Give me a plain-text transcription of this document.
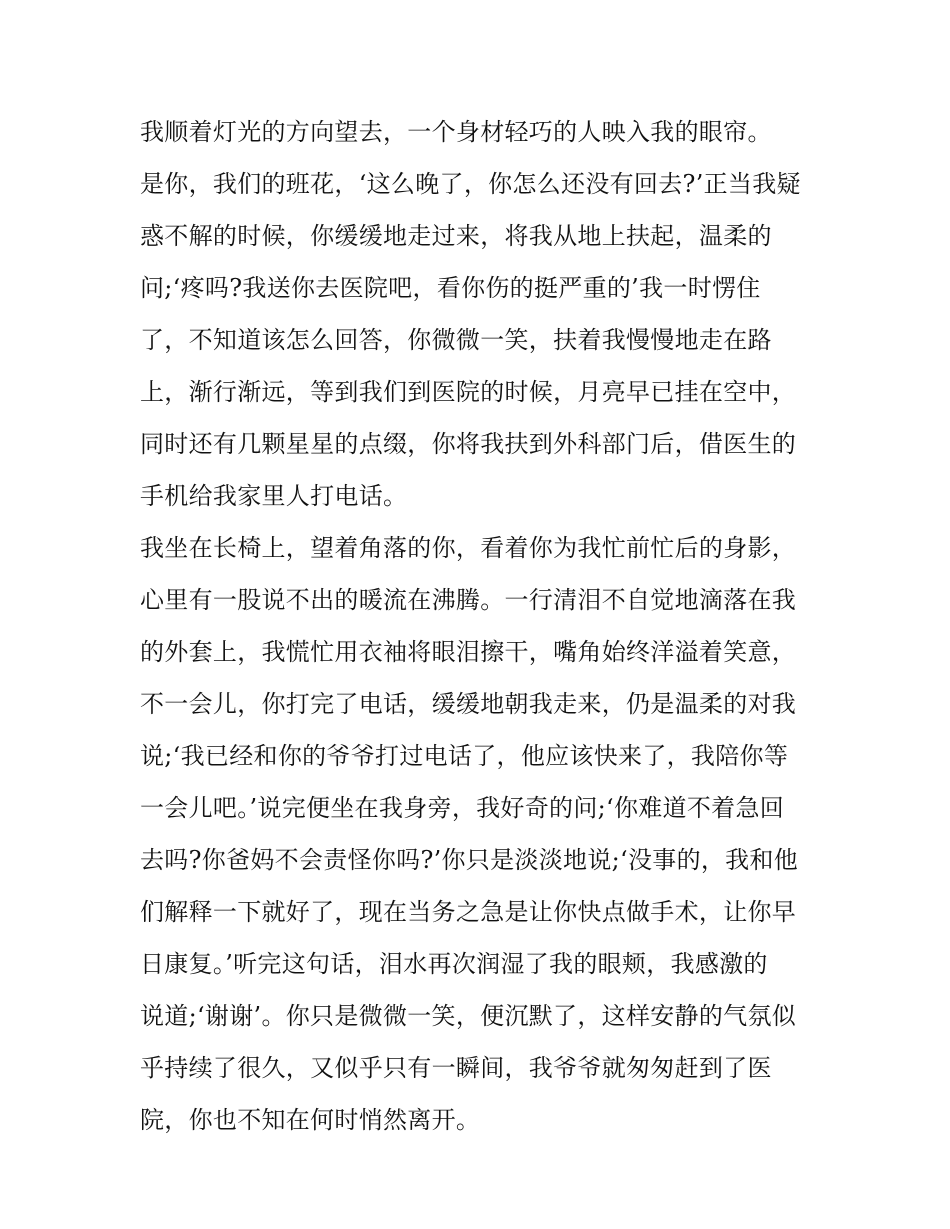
我顺着灯光的方向望去，一个身材轻巧的人映入我的眼帘。
是你，我们的班花，‘这么晚了，你怎么还没有回去?’正当我疑
惑不解的时候，你缓缓地走过来，将我从地上扶起，温柔的
问;‘疼吗?我送你去医院吧，看你伤的挺严重的’我一时愣住
了，不知道该怎么回答，你微微一笑，扶着我慢慢地走在路
上，渐行渐远，等到我们到医院的时候，月亮早已挂在空中，
同时还有几颗星星的点缀，你将我扶到外科部门后，借医生的
手机给我家里人打电话。
我坐在长椅上，望着角落的你，看着你为我忙前忙后的身影，
心里有一股说不出的暖流在沸腾。一行清泪不自觉地滴落在我
的外套上，我慌忙用衣袖将眼泪擦干，嘴角始终洋溢着笑意，
不一会儿，你打完了电话，缓缓地朝我走来，仍是温柔的对我
说;‘我已经和你的爷爷打过电话了，他应该快来了，我陪你等
一会儿吧。’说完便坐在我身旁，我好奇的问;‘你难道不着急回
去吗?你爸妈不会责怪你吗?’你只是淡淡地说;‘没事的，我和他
们解释一下就好了，现在当务之急是让你快点做手术，让你早
日康复。’听完这句话，泪水再次润湿了我的眼颊，我感激的
说道;‘谢谢’。你只是微微一笑，便沉默了，这样安静的气氛似
乎持续了很久，又似乎只有一瞬间，我爷爷就匆匆赶到了医
院，你也不知在何时悄然离开。
